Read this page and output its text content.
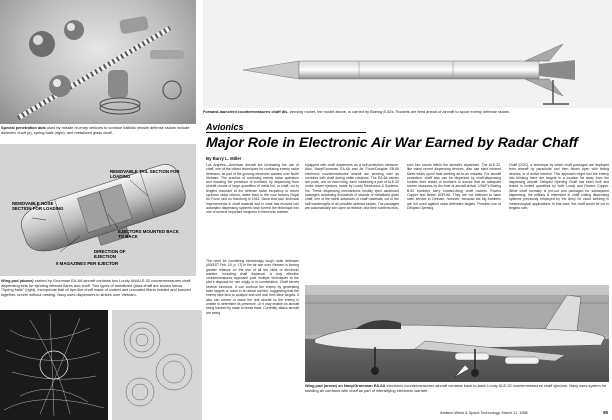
Special penetration aids used by missile re-entry vehicles to confuse ballistic missile defense radars include dielectric chaff (a), spring balls (right), and metallized glass chaff.
Forward-launched countermeasures chaff dis- pensing rocket, the model above, is carried by Boeing B-52s. Rockets are fired ahead of aircraft to spoof enemy defense radars.
Avionics
Major Role in Electronic Air War Earned by Radar Chaff
By Barry L. Miller
REMOVABLE TAIL SECTION FOR LOADING
REMOVABLE NOSE SECTION FOR LOADING
EJECTORS MOUNTED BACK TO BACK
DIRECTION OF EJECTION
5 MAGAZINES PER EJECTOR
Wing pod (above) carried by Grumman EA-6A aircraft contains two Lundy AN/ALE-32 countermeasures chaff dispensing sets for ejecting infrared flares and chaff. Two types of metallized glass chaff are shown below. "Spring balls" (right), incorporate bait of ripe-like chaff made of coated and uncoated fibers twisted and bonded together, unreel without nesting. Navy uses dispensers in strikes over Vietnam.

Los Angeles—American aircraft are increasing the use of chaff, one of the oldest techniques for confusing enemy radar defenses, as part of the growing electronic warfare over North Vietnam. The practice of confusing enemy radar operators and masking the presence of bombers by dispensing from aircraft clouds of large quantities of metal foil, or chaff, cut to lengths resonant at the defense radar frequency to return spurious radar returns, dates back to the now famous Royal Air Force raid on Hamburg in 1943. Since that raid, technical improvements in chaff material and in what has evolved into automatic dispensing systems have turned the technique into one of several important weapons in electronic warfare.

The need for countering increasingly tough radar defenses (AW&ST Feb. 19, p. 17) in the air war over Vietnam is forcing greater reliance on the use of all the skills of electronic warfare, including chaff dispersal. A truly effective countermeasures approach puts multiple techniques at the pilot's disposal for use singly or in combination. Chaff serves several functions. It can confuse the enemy by generating false targets or noise in an aerial corridor, suggesting that the enemy take time to analyze and sort real from false targets. It also can screen or mask the real aircraft so the enemy is unable to determine its presence. Or it may enable an aircraft being tracked by radar to break track. Currently, attack aircraft are being

equipped with chaff dispensers as a self-protection measure. Also, Navy/Grumman EA-6A and Air Force/Douglas EB-66 electronic countermeasures aircraft are seeding vast air corridors with chaff during strike missions. The EA-6A carries two pods, one on each wing, each containing a pair of ALE-32 motor driven ejectors, made by Lundy Electronics & Systems, Inc. These dispensing mechanisms forcibly eject cardboard packages containing thousands of strands of metallized glass chaff, one of the latest advances in chaff materials, cut to the half wavelengths of all possible defense radars. The packages are automatically torn open at release, and their contents blos-

som into clouds within the aircraft's slipstream. The ALE-32, like many recent dispensing devices, also can eject infrared flares which spoof heat seeking air-to-air missiles. For aircraft protection, chaff also can be dispersed by chaff-dispensing rockets fired ahead of bombers to assure that an adequate screen blossoms by the time of aircraft arrival. USAF's Boeing B-52 bombers carry forward-firing chaff rockets. Rovers Copper and Brass' ADR-8A. They are not believed to have seen service in Vietnam, however, because the big bombers are not used against radar-defended targets. Possible use of Delayed Opening

Chaff (DOC), a technique by which chaff packages are deployed from aircraft by parachute and then blown open with timing devices, is of active interest. This approach might fuel the enemy into thinking there are targets in a location far away from the dispensing aircraft. Delayed Opening Chaff has been built and tested in limited quantities by both Lundy and Revere Copper. While chaff normally is pre-cut and packaged for subsequent dispensing, the military is interested in chaff cutting dispensing systems previously employed by the Army for cloud seeding in meteorological applications. In this case, the chaff would be cut to lengths com-

Wing pod (arrow) on Navy/Grumman EA-6A electronic countermeasures aircraft contains back-to-back Lundy ALE-32 countermeasures chaff ejectors. Navy uses system for seeding air corridors with chaff as part of intensifying electronic warfare.
Aviation Week & Space Technology, March 11, 1968	95
